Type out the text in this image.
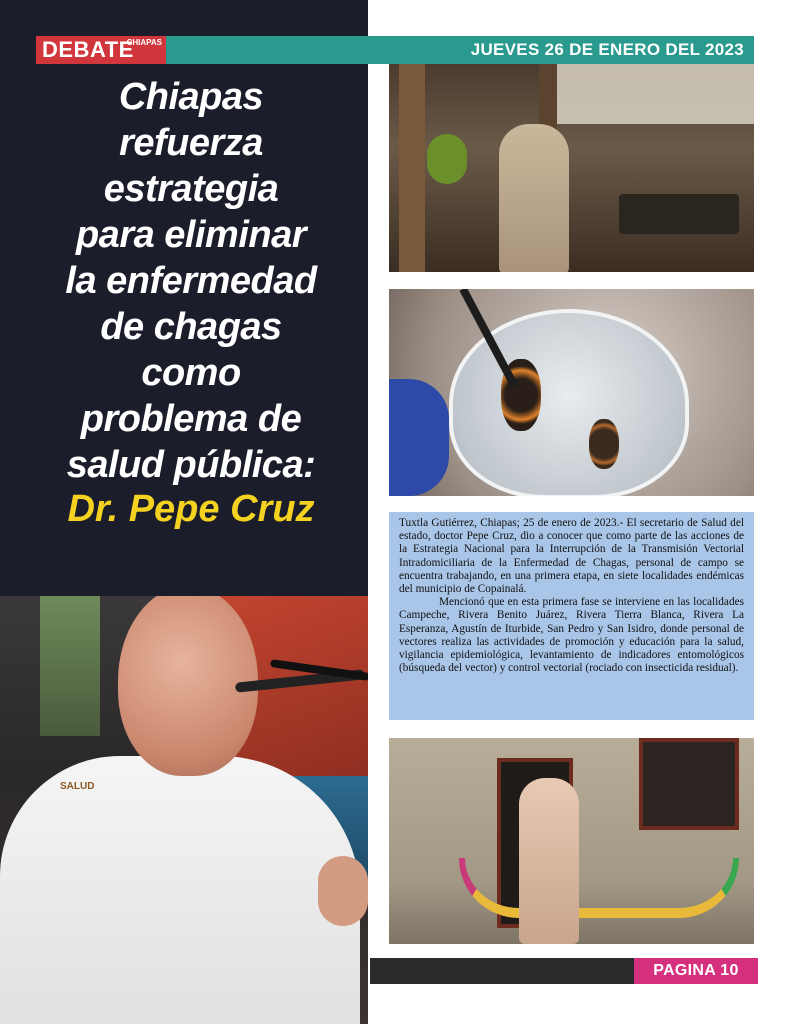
SALUD
DEBATE
CHIAPAS	JUEVES 26 DE ENERO DEL 2023
Chiapas
refuerza
estrategia
para eliminar
la enfermedad
de chagas
como
problema de
salud pública:
Dr. Pepe Cruz	Tuxtla Gutiérrez, Chiapas; 25 de enero de 2023.- El secretario de Salud del estado, doctor Pepe Cruz, dio a conocer que como parte de las acciones de la Estrategia Nacional para la Interrupción de la Transmisión Vectorial Intradomiciliaria de la Enfermedad de Chagas, personal de campo se encuentra trabajando, en una primera etapa, en siete localidades endémicas del municipio de Copainalá.

Mencionó que en esta primera fase se interviene en las localidades Campeche, Rivera Benito Juárez, Rivera Tierra Blanca, Rivera La Esperanza, Agustín de Iturbide, San Pedro y San Isidro, donde personal de vectores realiza las actividades de promoción y educación para la salud, vigilancia epidemiológica, levantamiento de indicadores entomológicos (búsqueda del vector) y control vectorial (rociado con insecticida residual).

PAGINA 10
